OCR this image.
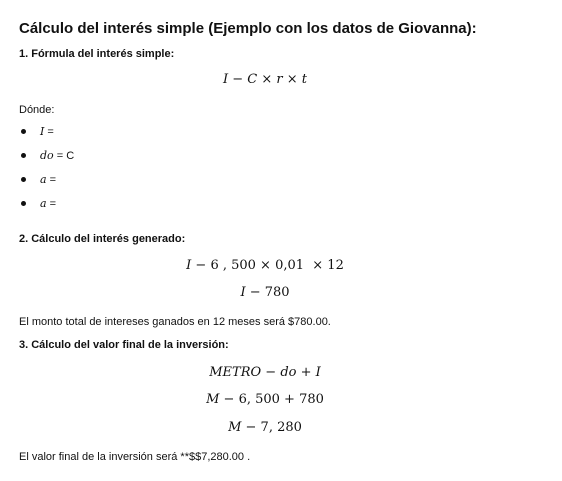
Cálculo del interés simple (Ejemplo con los datos de Giovanna):
1. Fórmula del interés simple:
I − C × r × t
Dónde:
I =
do = C
a =
a =
2. Cálculo del interés generado:
I − 6 , 500 × 0,01  × 12
I − 780
El monto total de intereses ganados en 12 meses será $780.00.
3. Cálculo del valor final de la inversión:
METRO − do + I
M − 6, 500 + 780
M − 7, 280
El valor final de la inversión será **$$7,280.00 .
